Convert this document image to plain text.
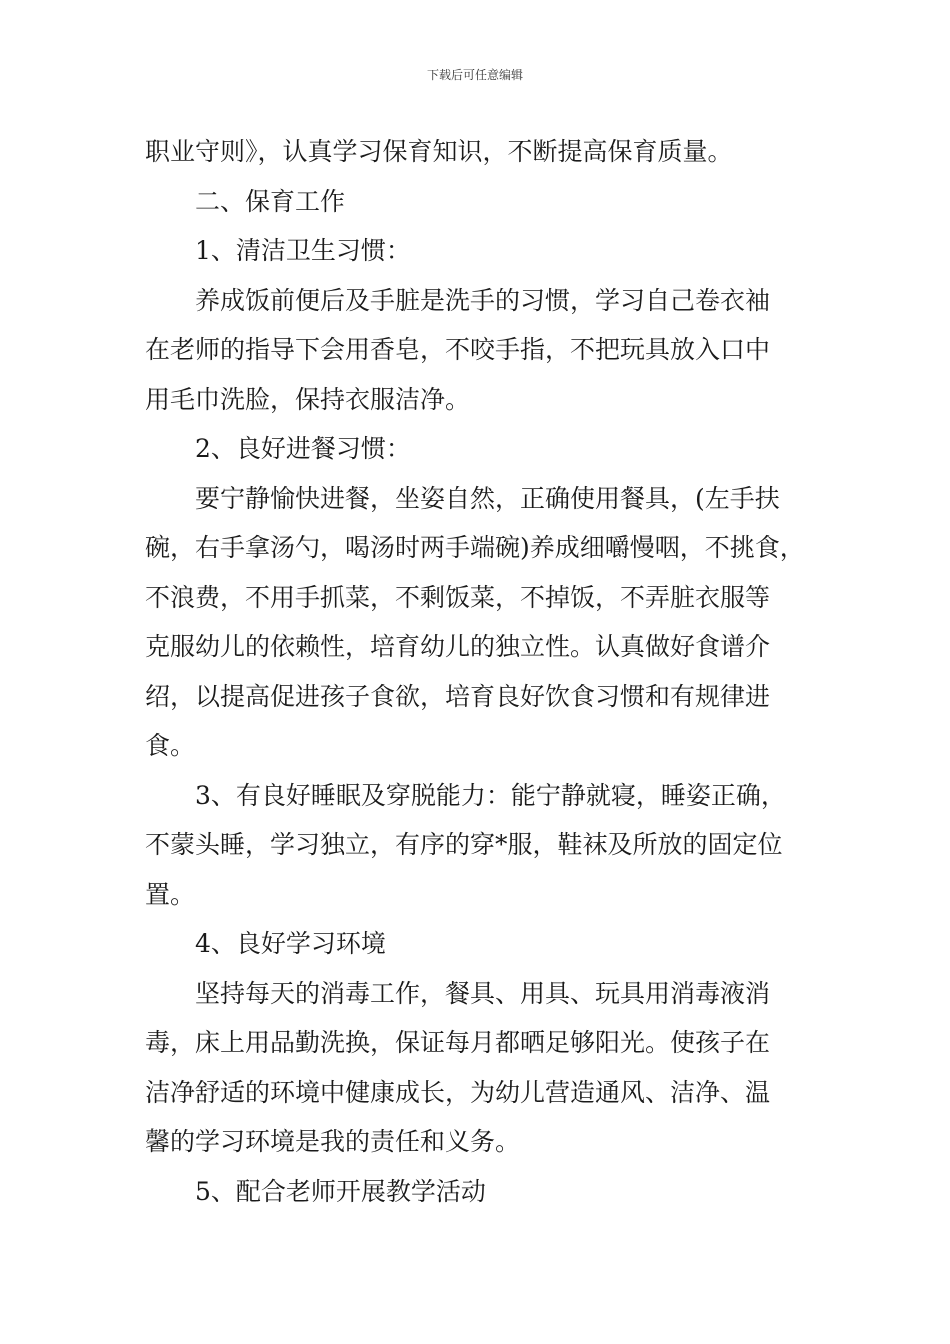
下载后可任意编辑
职业守则》，认真学习保育知识，不断提高保育质量。
二、保育工作
1、清洁卫生习惯：
养成饭前便后及手脏是洗手的习惯，学习自己卷衣袖
在老师的指导下会用香皂，不咬手指，不把玩具放入口中
用毛巾洗脸，保持衣服洁净。
2、良好进餐习惯：
要宁静愉快进餐，坐姿自然，正确使用餐具，(左手扶
碗，右手拿汤勺，喝汤时两手端碗)养成细嚼慢咽，不挑食，
不浪费，不用手抓菜，不剩饭菜，不掉饭，不弄脏衣服等
克服幼儿的依赖性，培育幼儿的独立性。认真做好食谱介
绍，以提高促进孩子食欲，培育良好饮食习惯和有规律进
食。
3、有良好睡眠及穿脱能力：能宁静就寝，睡姿正确，
不蒙头睡，学习独立，有序的穿*服，鞋袜及所放的固定位
置。
4、良好学习环境
坚持每天的消毒工作，餐具、用具、玩具用消毒液消
毒，床上用品勤洗换，保证每月都晒足够阳光。使孩子在
洁净舒适的环境中健康成长，为幼儿营造通风、洁净、温
馨的学习环境是我的责任和义务。
5、配合老师开展教学活动
